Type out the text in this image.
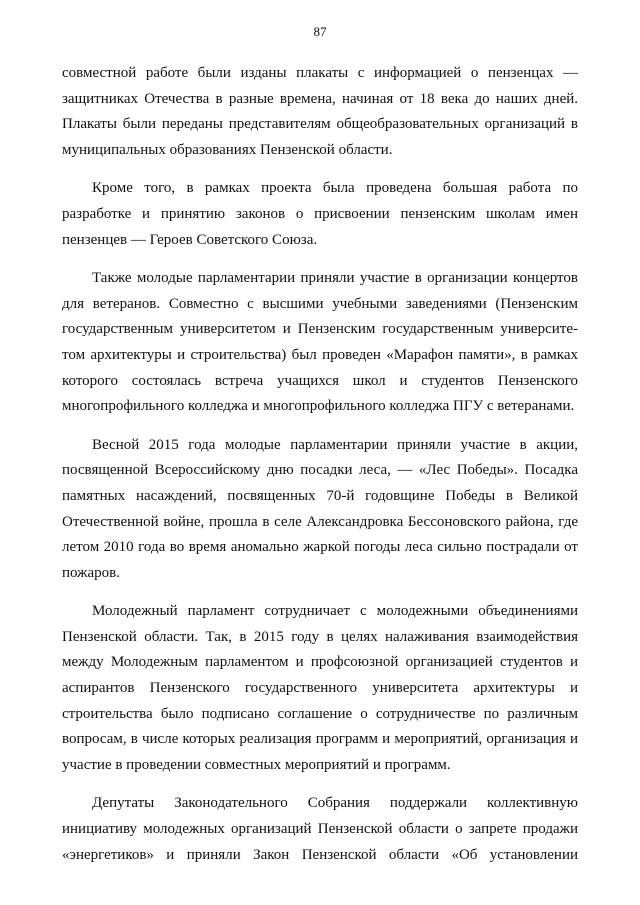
87
совместной работе были изданы плакаты с информацией о пензенцах —
защитниках Отечества в разные времена, начиная от 18 века до наших дней.
Плакаты были переданы представителям общеобразовательных организаций в
муниципальных образованиях Пензенской области.
Кроме того, в рамках проекта была проведена большая работа по
разработке и принятию законов о присвоении пензенским школам имен
пензенцев — Героев Советского Союза.
Также молодые парламентарии приняли участие в организации концертов
для ветеранов. Совместно с высшими учебными заведениями (Пензенским
государственным университетом и Пензенским государственным университе-
том архитектуры и строительства) был проведен «Марафон памяти», в рамках
которого состоялась встреча учащихся школ и студентов Пензенского
многопрофильного колледжа и многопрофильного колледжа ПГУ с ветеранами.
Весной 2015 года молодые парламентарии приняли участие в акции,
посвященной Всероссийскому дню посадки леса, — «Лес Победы». Посадка
памятных насаждений, посвященных 70-й годовщине Победы в Великой
Отечественной войне, прошла в селе Александровка Бессоновского района, где
летом 2010 года во время аномально жаркой погоды леса сильно пострадали от
пожаров.
Молодежный парламент сотрудничает с молодежными объединениями
Пензенской области. Так, в 2015 году в целях налаживания взаимодействия
между Молодежным парламентом и профсоюзной организацией студентов и
аспирантов Пензенского государственного университета архитектуры и
строительства было подписано соглашение о сотрудничестве по различным
вопросам, в числе которых реализация программ и мероприятий, организация и
участие в проведении совместных мероприятий и программ.
Депутаты Законодательного Собрания поддержали коллективную
инициативу молодежных организаций Пензенской области о запрете продажи
«энергетиков» и приняли Закон Пензенской области «Об установлении
